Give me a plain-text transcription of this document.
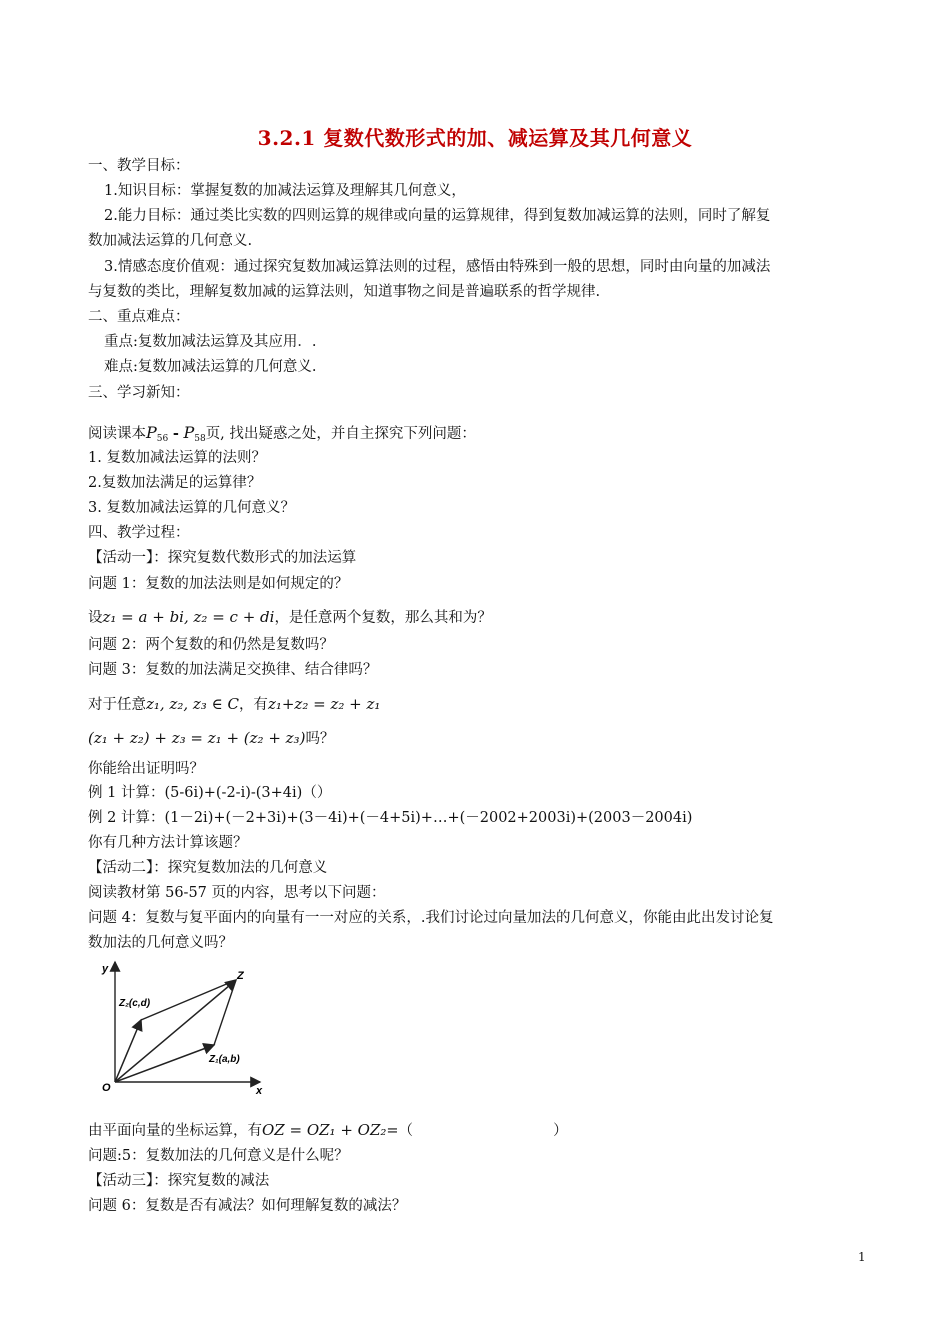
3.2.1 复数代数形式的加、减运算及其几何意义
一、教学目标：
1.知识目标：掌握复数的加减法运算及理解其几何意义，
2.能力目标：通过类比实数的四则运算的规律或向量的运算规律，得到复数加减运算的法则，同时了解复
数加减法运算的几何意义.
3.情感态度价值观：通过探究复数加减运算法则的过程，感悟由特殊到一般的思想，同时由向量的加减法
与复数的类比，理解复数加减的运算法则，知道事物之间是普遍联系的哲学规律.
二、重点难点：
重点:复数加减法运算及其应用．.
难点:复数加减法运算的几何意义.
三、学习新知：
阅读课本$P_{56} - P_{58}$页, 找出疑惑之处，并自主探究下列问题：
1. 复数加减法运算的法则？
2.复数加法满足的运算律？
3. 复数加减法运算的几何意义？
四、教学过程：
【活动一】：探究复数代数形式的加法运算
问题 1：复数的加法法则是如何规定的？
设z₁ = a + bi, z₂ = c + di，是任意两个复数，那么其和为？
问题 2：两个复数的和仍然是复数吗？
问题 3：复数的加法满足交换律、结合律吗？
对于任意z₁, z₂, z₃ ∈ C，有z₁+z₂ = z₂ + z₁
(z₁ + z₂) + z₃ = z₁ + (z₂ + z₃)吗？
你能给出证明吗？
例 1 计算：(5-6i)+(-2-i)-(3+4i)（）
例 2 计算：(1－2i)+(－2+3i)+(3－4i)+(－4+5i)+…+(－2002+2003i)+(2003－2004i)
你有几种方法计算该题？
【活动二】：探究复数加法的几何意义
阅读教材第 56-57 页的内容，思考以下问题：
问题 4：复数与复平面内的向量有一一对应的关系，.我们讨论过向量加法的几何意义，你能由此出发讨论复
数加法的几何意义吗？
y
x
O
Z
Z₂(c,d)
Z₁(a,b)
由平面向量的坐标运算，有OZ = OZ₁ + OZ₂=（	）
问题:5：复数加法的几何意义是什么呢？
【活动三】：探究复数的减法
问题 6：复数是否有减法？如何理解复数的减法？
1
